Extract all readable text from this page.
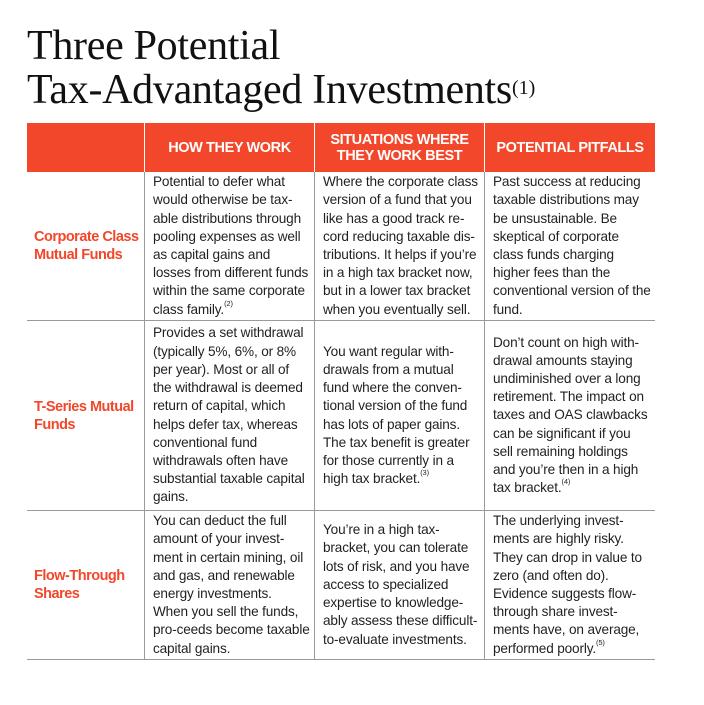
Three Potential
Tax-Advantaged Investments$^{(1)}$
HOW THEY WORK	SITUATIONS WHERE THEY WORK BEST	POTENTIAL PITFALLS
Corporate Class Mutual Funds
Potential to defer what would otherwise be tax-able distributions through pooling expenses as well as capital gains and losses from different funds within the same corporate class family.$^{(2)}$
Where the corporate class version of a fund that you like has a good track re-cord reducing taxable dis-tributions. It helps if you’re in a high tax bracket now, but in a lower tax bracket when you eventually sell.
Past success at reducing taxable distributions may be unsustainable. Be skeptical of corporate class funds charging higher fees than the conventional version of the fund.
T-Series Mutual Funds
Provides a set withdrawal (typically 5%, 6%, or 8% per year). Most or all of the withdrawal is deemed return of capital, which helps defer tax, whereas conventional fund withdrawals often have substantial taxable capital gains.
You want regular with-drawals from a mutual fund where the conven-tional version of the fund has lots of paper gains. The tax benefit is greater for those currently in a high tax bracket.$^{(3)}$
Don’t count on high with-drawal amounts staying undiminished over a long retirement. The impact on taxes and OAS clawbacks can be significant if you sell remaining holdings and you’re then in a high tax bracket.$^{(4)}$
Flow-Through Shares
You can deduct the full amount of your invest-ment in certain mining, oil and gas, and renewable energy investments. When you sell the funds, pro-ceeds become taxable capital gains.
You’re in a high tax-bracket, you can tolerate lots of risk, and you have access to specialized expertise to knowledge-ably assess these difficult-to-evaluate investments.
The underlying invest-ments are highly risky. They can drop in value to zero (and often do). Evidence suggests flow-through share invest-ments have, on average, performed poorly.$^{(5)}$
